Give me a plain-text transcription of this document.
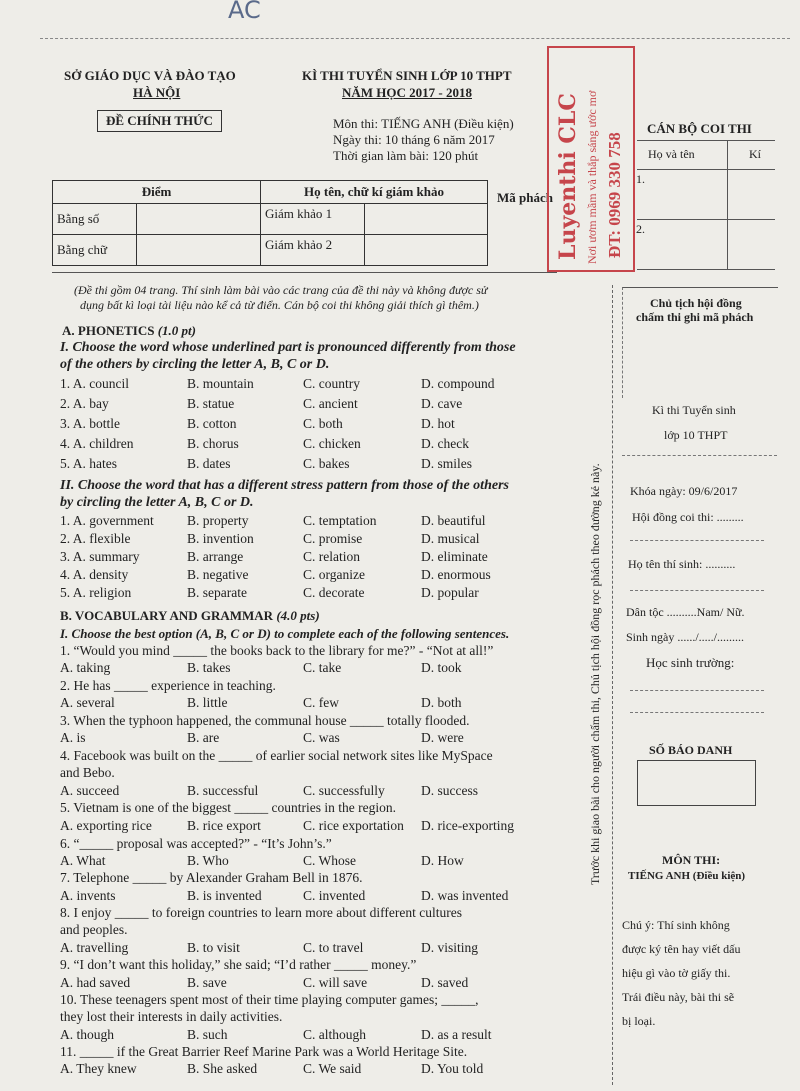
AC
SỞ GIÁO DỤC VÀ ĐÀO TẠO
HÀ NỘI
KÌ THI TUYỂN SINH LỚP 10 THPT
NĂM HỌC 2017 - 2018
ĐỀ CHÍNH THỨC	Môn thi: TIẾNG ANH (Điều kiện)
Ngày thi: 10 tháng 6 năm 2017
Thời gian làm bài: 120 phút
Điểm		Họ tên, chữ kí giám khảo	
Bằng số		Giám khảo 1	
Bằng chữ		Giám khảo 2	
Mã phách Luyenthi CLC Nơi ươm mầm và thắp sáng ước mơ ĐT: 0969 330 758
CÁN BỘ COI THI
Họ và tên	Kí
1.
2.
Chủ tịch hội đồng
chấm thi ghi mã phách
Kì thi Tuyển sinh
lớp 10 THPT
Khóa ngày: 09/6/2017
Hội đồng coi thi: .........
Họ tên thí sinh: ..........
Dân tộc ..........Nam/ Nữ.
Sinh ngày ....../...../.........
Học sinh trường:
SỐ BÁO DANH
MÔN THI:
TIẾNG ANH (Điều kiện)
Chú ý: Thí sinh không
được ký tên hay viết dấu
hiệu gì vào tờ giấy thi.
Trái điều này, bài thi sẽ
bị loại.
Trước khi giao bài cho người chấm thi, Chủ tịch hội đồng rọc phách theo đường kẻ này.
(Đề thi gồm 04 trang. Thí sinh làm bài vào các trang của đề thi này và không được sử
dụng bất kì loại tài liệu nào kể cả từ điển. Cán bộ coi thi không giải thích gì thêm.)
A. PHONETICS (1.0 pt)
I. Choose the word whose underlined part is pronounced differently from those
of the others by circling the letter A, B, C or D.
1. A. council	B. mountain	C. country	D. compound
2. A. bay	B. statue	C. ancient	D. cave
3. A. bottle	B. cotton	C. both	D. hot
4. A. children	B. chorus	C. chicken	D. check
5. A. hates	B. dates	C. bakes	D. smiles
II. Choose the word that has a different stress pattern from those of the others
by circling the letter A, B, C or D.
1. A. government B. property	C. temptation	D. beautiful
2. A. flexible	B. invention	C. promise	D. musical
3. A. summary	B. arrange	C. relation	D. eliminate
4. A. density	B. negative	C. organize	D. enormous
5. A. religion	B. separate	C. decorate	D. popular
B. VOCABULARY AND GRAMMAR (4.0 pts)
I. Choose the best option (A, B, C or D) to complete each of the following sentences.
1. “Would you mind _____ the books back to the library for me?” - “Not at all!”
A. taking	B. takes	C. take	D. took
2. He has _____ experience in teaching.
A. several	B. little	C. few	D. both
3. When the typhoon happened, the communal house _____ totally flooded.
A. is	B. are	C. was	D. were
4. Facebook was built on the _____ of earlier social network sites like MySpace
and Bebo.
A. succeed	B. successful	C. successfully	D. success
5. Vietnam is one of the biggest _____ countries in the region.
A. exporting rice	B. rice export	C. rice exportation D. rice-exporting
6. “_____ proposal was accepted?” - “It’s John’s.”
A. What	B. Who	C. Whose	D. How
7. Telephone _____ by Alexander Graham Bell in 1876.
A. invents	B. is invented	C. invented	D. was invented
8. I enjoy _____ to foreign countries to learn more about different cultures
and peoples.
A. travelling	B. to visit	C. to travel	D. visiting
9. “I don’t want this holiday,” she said; “I’d rather _____ money.”
A. had saved	B. save	C. will save	D. saved
10. These teenagers spent most of their time playing computer games; _____,
they lost their interests in daily activities.
A. though	B. such	C. although	D. as a result
11. _____ if the Great Barrier Reef Marine Park was a World Heritage Site.
A. They knew	B. She asked	C. We said	D. You told
